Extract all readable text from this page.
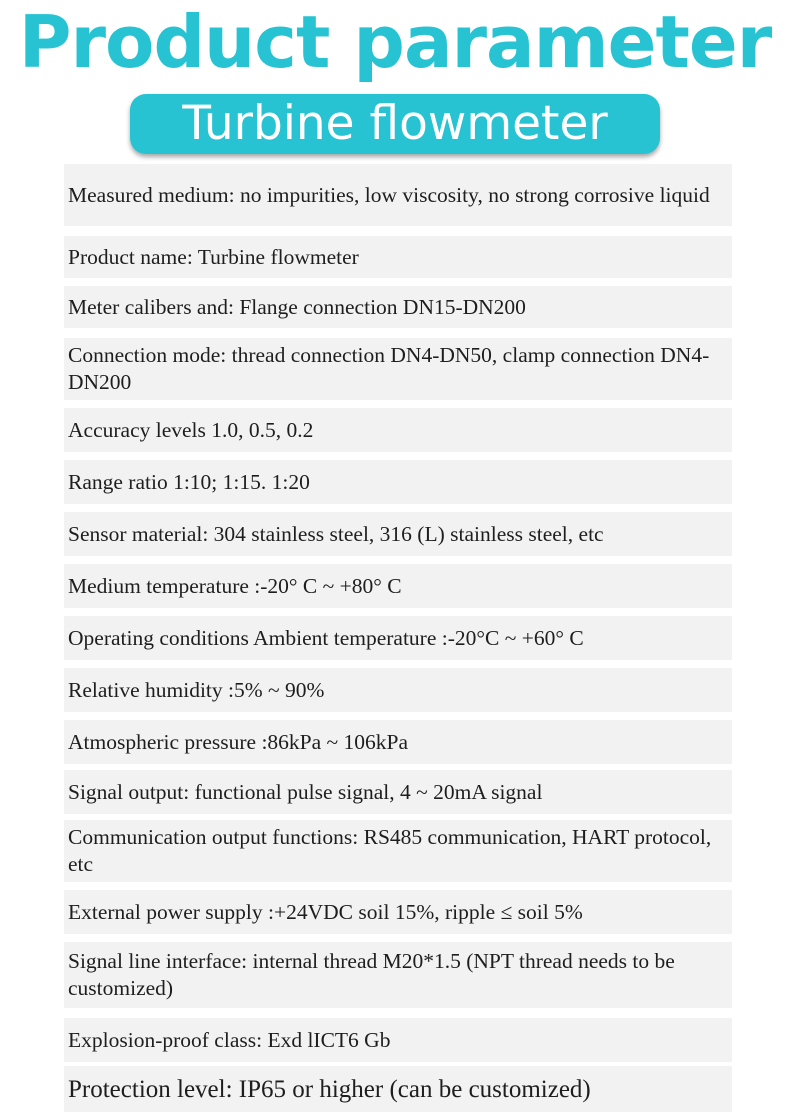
Product parameter
Turbine flowmeter
Measured medium: no impurities, low viscosity, no strong corrosive liquid
Product name: Turbine flowmeter
Meter calibers and: Flange connection DN15-DN200
Connection mode: thread connection DN4-DN50, clamp connection DN4-DN200
Accuracy levels 1.0, 0.5, 0.2
Range ratio 1:10; 1:15. 1:20
Sensor material: 304 stainless steel, 316 (L) stainless steel, etc
Medium temperature :-20° C ~ +80° C
Operating conditions Ambient temperature :-20°C ~ +60° C
Relative humidity :5% ~ 90%
Atmospheric pressure :86kPa ~ 106kPa
Signal output: functional pulse signal, 4 ~ 20mA signal
Communication output functions: RS485 communication, HART protocol, etc
External power supply :+24VDC soil 15%, ripple ≤ soil 5%
Signal line interface: internal thread M20*1.5 (NPT thread needs to be customized)
Explosion-proof class: Exd lICT6 Gb
Protection level: IP65 or higher (can be customized)
